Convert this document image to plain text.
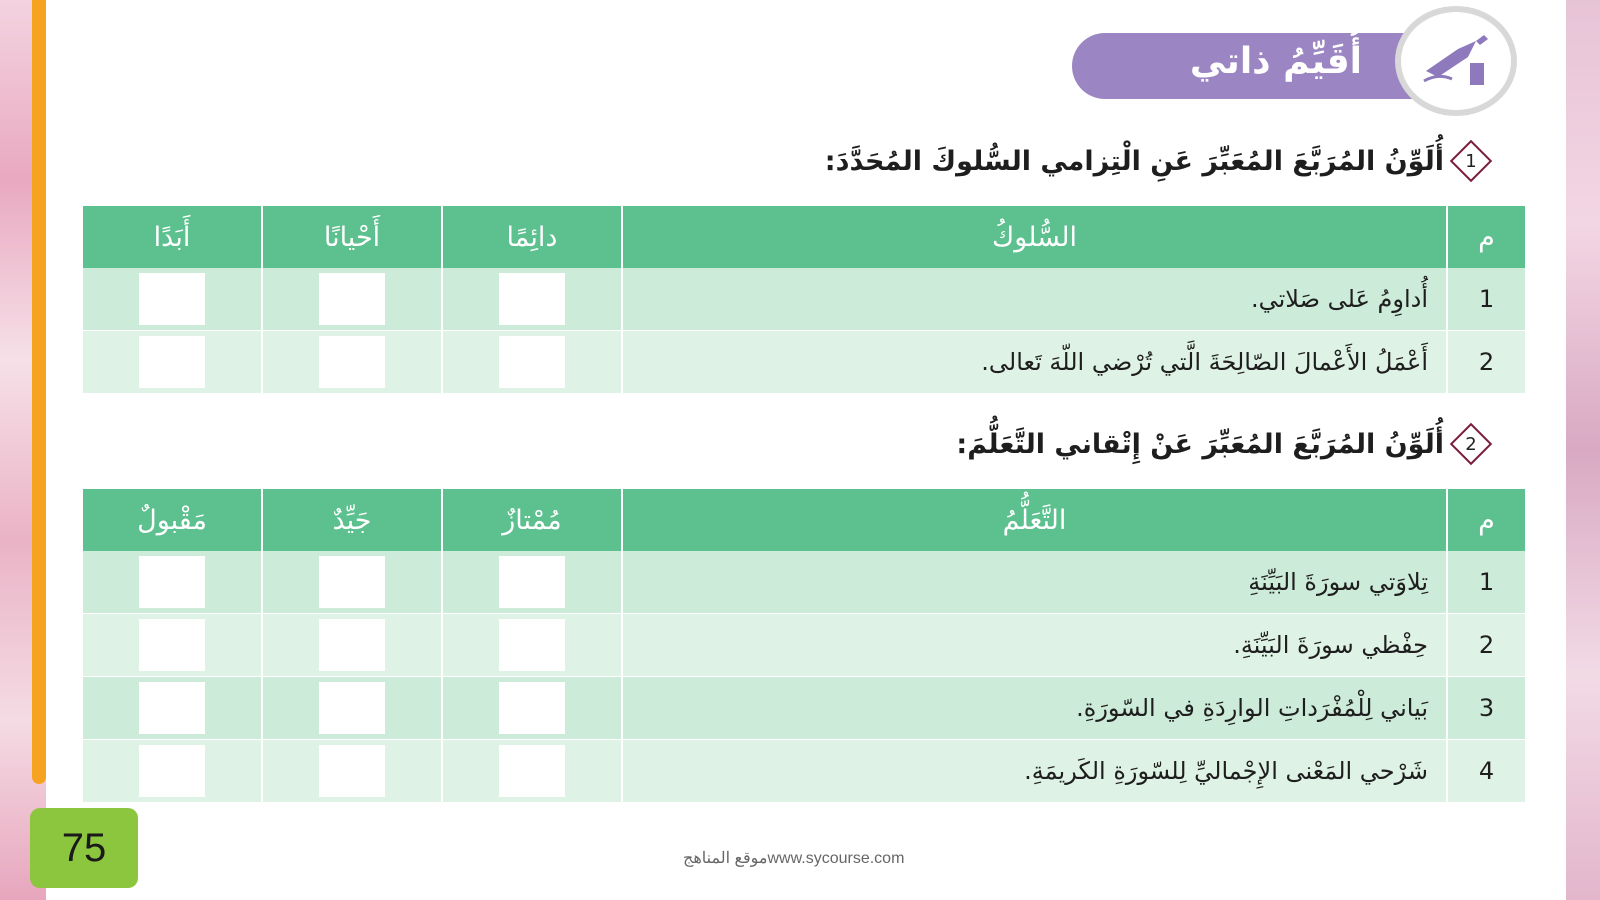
أُقَيِّمُ ذاتي
1
أُلَوِّنُ المُرَبَّعَ المُعَبِّرَ عَنِ الْتِزامي السُّلوكَ المُحَدَّدَ:
م	السُّلوكُ	دائِمًا	أَحْيانًا	أَبَدًا
1	أُداوِمُ عَلى صَلاتي.			
2	أَعْمَلُ الأَعْمالَ الصّالِحَةَ الَّتي تُرْضي اللّهَ تَعالى.			
2
أُلَوِّنُ المُرَبَّعَ المُعَبِّرَ عَنْ إِتْقاني التَّعَلُّمَ:
م	التَّعَلُّمُ	مُمْتازٌ	جَيِّدٌ	مَقْبولٌ
1	تِلاوَتي سورَةَ البَيِّنَةِ			
2	حِفْظي سورَةَ البَيِّنَةِ.			
3	بَياني لِلْمُفْرَداتِ الوارِدَةِ في السّورَةِ.			
4	شَرْحي المَعْنى الإِجْماليِّ لِلسّورَةِ الكَريمَةِ.			
75	موقع المناهجwww.sycourse.com
